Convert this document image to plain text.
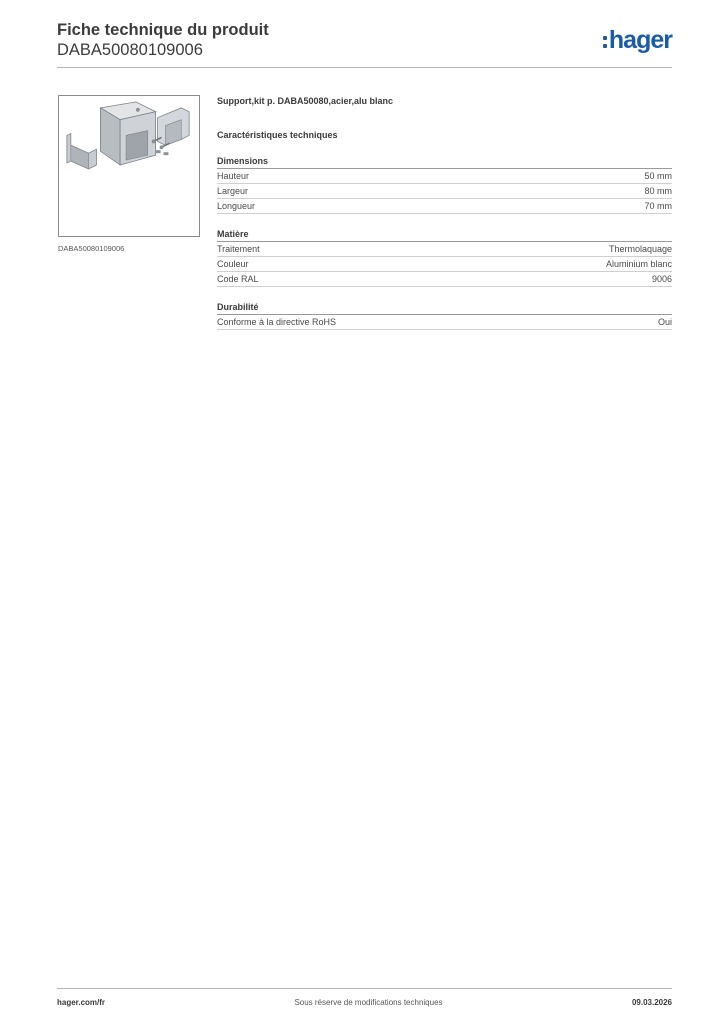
Fiche technique du produit
DABA50080109006	hager
DABA50080109006
Support,kit p. DABA50080,acier,alu blanc
Caractéristiques techniques
Dimensions
Hauteur	50 mm
Largeur	80 mm
Longueur	70 mm
Matière
Traitement	Thermolaquage
Couleur	Aluminium blanc
Code RAL	9006
Durabilité
Conforme à la directive RoHS	Oui
hager.com/fr	Sous réserve de modifications techniques	09.03.2026
